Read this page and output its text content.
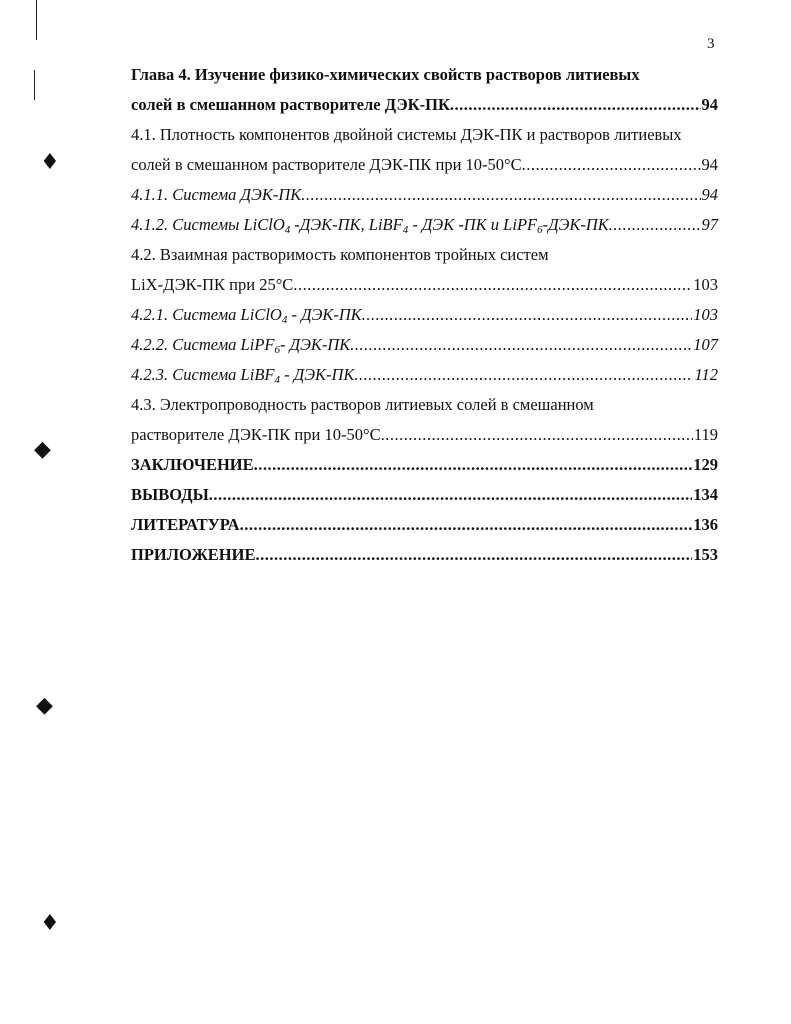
3
♦
◆
◆
♦
Глава 4. Изучение физико-химических свойств растворов литиевых
солей в смешанном растворителе ДЭК-ПК .....	94
4.1. Плотность компонентов двойной системы ДЭК-ПК и растворов литиевых
солей в смешанном растворителе ДЭК-ПК при 10-50°С .....	94
4.1.1. Система ДЭК-ПК .....	94
4.1.2. Системы LiClO$_4$ -ДЭК-ПК, LiBF$_4$ - ДЭК -ПК и LiPF$_6$-ДЭК-ПК .....	97
4.2. Взаимная растворимость компонентов тройных систем
LiX-ДЭК-ПК при 25°С .....	103
4.2.1. Система LiClO$_4$ - ДЭК-ПК .....	103
4.2.2. Система LiPF$_6$- ДЭК-ПК .....	107
4.2.3. Система LiBF$_4$ - ДЭК-ПК .....	112
4.3. Электропроводность растворов литиевых солей в смешанном
растворителе ДЭК-ПК при 10-50°С .....	119
ЗАКЛЮЧЕНИЕ .....	129
ВЫВОДЫ .....	134
ЛИТЕРАТУРА .....	136
ПРИЛОЖЕНИЕ .....	153
